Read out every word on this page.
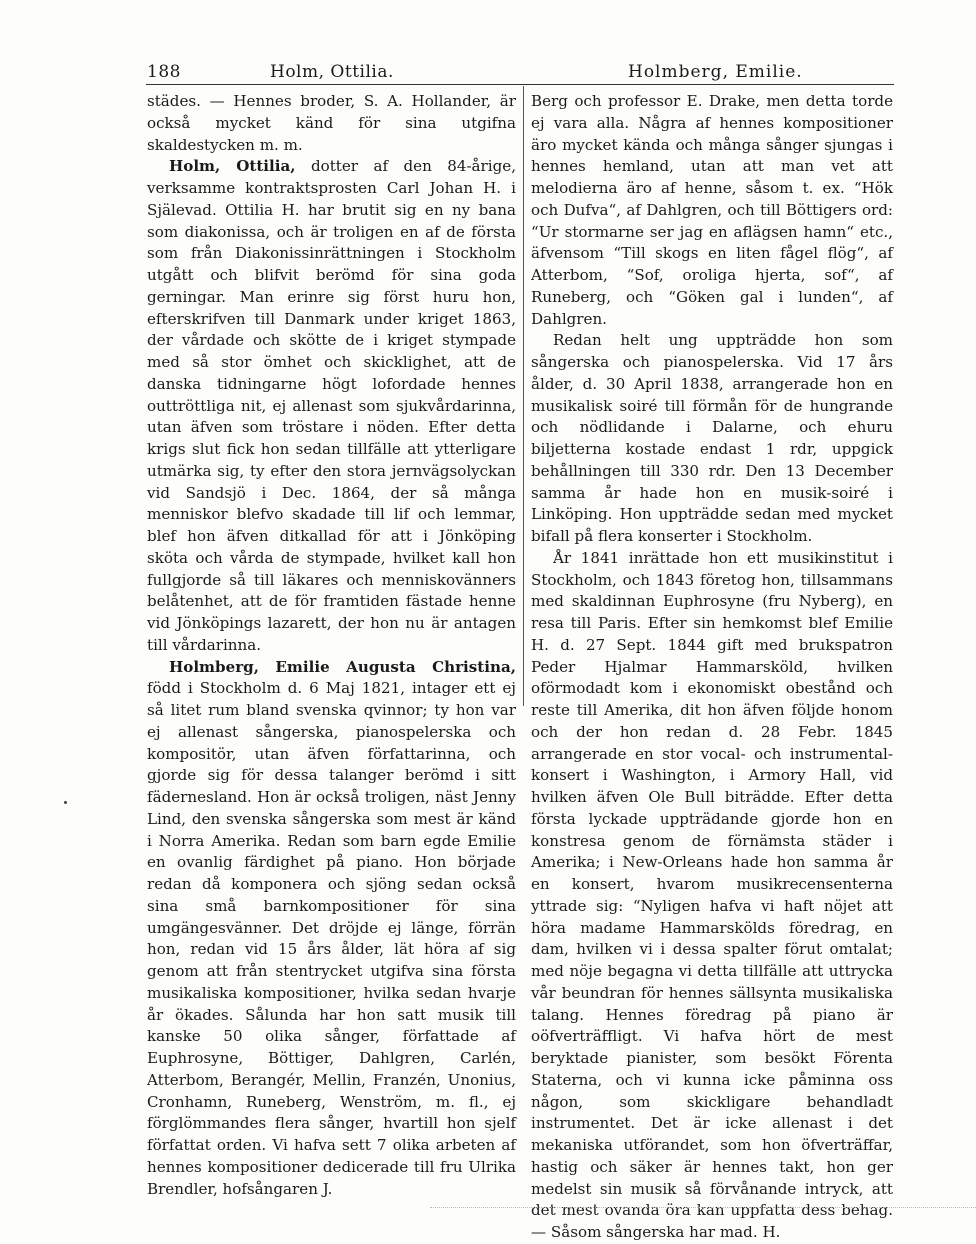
188	Holm, Ottilia.	Holmberg, Emilie.

städes. — Hennes broder, S. A. Hollander, är också mycket känd för sina utgifna skaldestycken m. m.

Holm, Ottilia, dotter af den 84-årige, verksamme kontraktsprosten Carl Johan H. i Själevad. Ottilia H. har brutit sig en ny bana som diakonissa, och är troligen en af de första som från Diakonissinrättningen i Stockholm utgått och blifvit berömd för sina goda gerningar. Man erinre sig först huru hon, efterskrifven till Danmark under kriget 1863, der vårdade och skötte de i kriget stympade med så stor ömhet och skicklighet, att de danska tidningarne högt lofordade hennes outtröttliga nit, ej allenast som sjukvårdarinna, utan äfven som tröstare i nöden. Efter detta krigs slut fick hon sedan tillfälle att ytterligare utmärka sig, ty efter den stora jernvägsolyckan vid Sandsjö i Dec. 1864, der så många menniskor blefvo skadade till lif och lemmar, blef hon äfven ditkallad för att i Jönköping sköta och vårda de stympade, hvilket kall hon fullgjorde så till läkares och menniskovänners belåtenhet, att de för framtiden fästade henne vid Jönköpings lazarett, der hon nu är antagen till vårdarinna.

Holmberg, Emilie Augusta Christina, född i Stockholm d. 6 Maj 1821, intager ett ej så litet rum bland svenska qvinnor; ty hon var ej allenast sångerska, pianospelerska och kompositör, utan äfven författarinna, och gjorde sig för dessa talanger berömd i sitt fädernesland. Hon är också troligen, näst Jenny Lind, den svenska sångerska som mest är känd i Norra Amerika. Redan som barn egde Emilie en ovanlig färdighet på piano. Hon började redan då komponera och sjöng sedan också sina små barnkompositioner för sina umgängesvänner. Det dröjde ej länge, förrän hon, redan vid 15 års ålder, lät höra af sig genom att från stentrycket utgifva sina första musikaliska kompositioner, hvilka sedan hvarje år ökades. Sålunda har hon satt musik till kanske 50 olika sånger, författade af Euphrosyne, Böttiger, Dahlgren, Carlén, Atterbom, Berangér, Mellin, Franzén, Unonius, Cronhamn, Runeberg, Wenström, m. fl., ej förglömmandes flera sånger, hvartill hon sjelf författat orden. Vi hafva sett 7 olika arbeten af hennes kompositioner dedicerade till fru Ulrika Brendler, hofsångaren J.

Berg och professor E. Drake, men detta torde ej vara alla. Några af hennes kompositioner äro mycket kända och många sånger sjungas i hennes hemland, utan att man vet att melodierna äro af henne, såsom t. ex. “Hök och Dufva“, af Dahlgren, och till Böttigers ord: “Ur stormarne ser jag en aflägsen hamn“ etc., äfvensom “Till skogs en liten fågel flög“, af Atterbom, “Sof, oroliga hjerta, sof“, af Runeberg, och “Göken gal i lunden“, af Dahlgren.

Redan helt ung uppträdde hon som sångerska och pianospelerska. Vid 17 års ålder, d. 30 April 1838, arrangerade hon en musikalisk soiré till förmån för de hungrande och nödlidande i Dalarne, och ehuru biljetterna kostade endast 1 rdr, uppgick behållningen till 330 rdr. Den 13 December samma år hade hon en musik-soiré i Linköping. Hon uppträdde sedan med mycket bifall på flera konserter i Stockholm.

År 1841 inrättade hon ett musikinstitut i Stockholm, och 1843 företog hon, tillsammans med skaldinnan Euphrosyne (fru Nyberg), en resa till Paris. Efter sin hemkomst blef Emilie H. d. 27 Sept. 1844 gift med brukspatron Peder Hjalmar Hammarsköld, hvilken oförmodadt kom i ekonomiskt obestånd och reste till Amerika, dit hon äfven följde honom och der hon redan d. 28 Febr. 1845 arrangerade en stor vocal- och instrumental-konsert i Washington, i Armory Hall, vid hvilken äfven Ole Bull biträdde. Efter detta första lyckade uppträdande gjorde hon en konstresa genom de förnämsta städer i Amerika; i New-Orleans hade hon samma år en konsert, hvarom musikrecensenterna yttrade sig: “Nyligen hafva vi haft nöjet att höra madame Hammarskölds föredrag, en dam, hvilken vi i dessa spalter förut omtalat; med nöje begagna vi detta tillfälle att uttrycka vår beundran för hennes sällsynta musikaliska talang. Hennes föredrag på piano är oöfverträffligt. Vi hafva hört de mest beryktade pianister, som besökt Förenta Staterna, och vi kunna icke påminna oss någon, som skickligare behandladt instrumentet. Det är icke allenast i det mekaniska utförandet, som hon öfverträffar, hastig och säker är hennes takt, hon ger medelst sin musik så förvånande intryck, att det mest ovanda öra kan uppfatta dess behag. — Såsom sångerska har mad. H.
